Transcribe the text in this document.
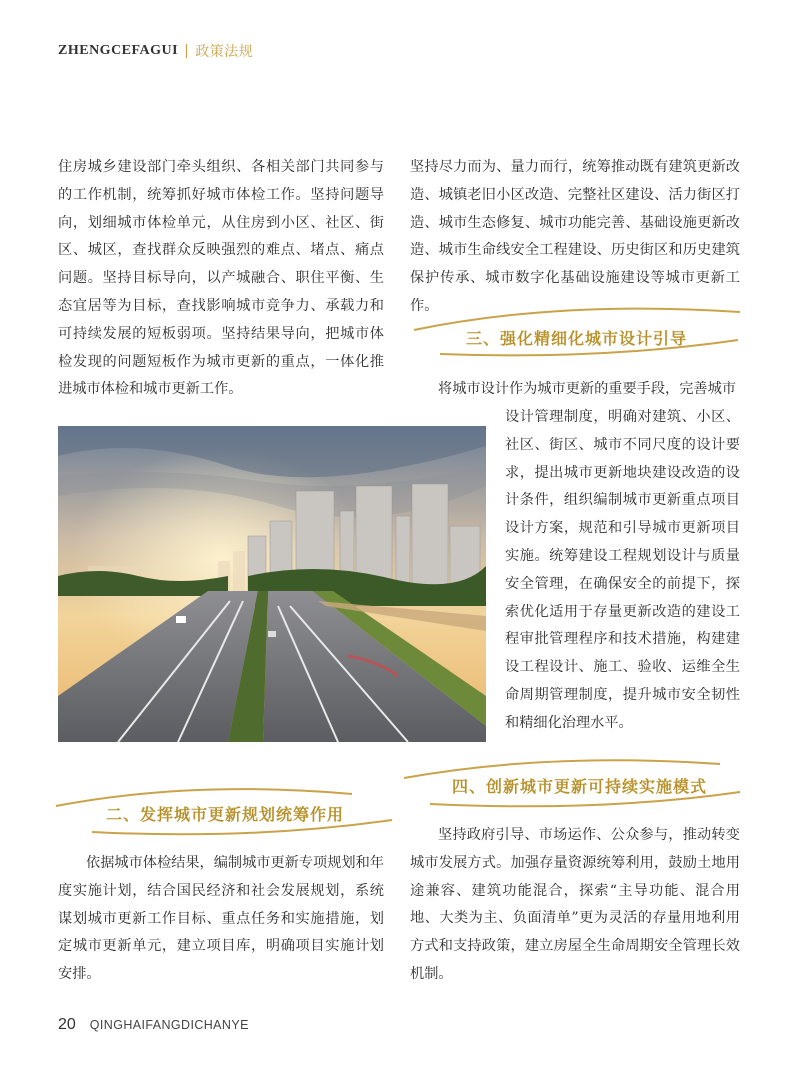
ZHENGCEFAGUI | 政策法规

住房城乡建设部门牵头组织、各相关部门共同参与的工作机制，统筹抓好城市体检工作。坚持问题导向，划细城市体检单元，从住房到小区、社区、街区、城区，查找群众反映强烈的难点、堵点、痛点问题。坚持目标导向，以产城融合、职住平衡、生态宜居等为目标，查找影响城市竞争力、承载力和可持续发展的短板弱项。坚持结果导向，把城市体检发现的问题短板作为城市更新的重点，一体化推进城市体检和城市更新工作。

二、发挥城市更新规划统筹作用

依据城市体检结果，编制城市更新专项规划和年度实施计划，结合国民经济和社会发展规划，系统谋划城市更新工作目标、重点任务和实施措施，划定城市更新单元，建立项目库，明确项目实施计划安排。

坚持尽力而为、量力而行，统筹推动既有建筑更新改造、城镇老旧小区改造、完整社区建设、活力街区打造、城市生态修复、城市功能完善、基础设施更新改造、城市生命线安全工程建设、历史街区和历史建筑保护传承、城市数字化基础设施建设等城市更新工作。

三、强化精细化城市设计引导

将城市设计作为城市更新的重要手段，完善城市

设计管理制度，明确对建筑、小区、社区、街区、城市不同尺度的设计要求，提出城市更新地块建设改造的设计条件，组织编制城市更新重点项目设计方案，规范和引导城市更新项目实施。统筹建设工程规划设计与质量安全管理，在确保安全的前提下，探索优化适用于存量更新改造的建设工程审批管理程序和技术措施，构建建设工程设计、施工、验收、运维全生命周期管理制度，提升城市安全韧性和精细化治理水平。

四、创新城市更新可持续实施模式

坚持政府引导、市场运作、公众参与，推动转变城市发展方式。加强存量资源统筹利用，鼓励土地用途兼容、建筑功能混合，探索“主导功能、混合用地、大类为主、负面清单”更为灵活的存量用地利用方式和支持政策，建立房屋全生命周期安全管理长效机制。

20 QINGHAIFANGDICHANYE
